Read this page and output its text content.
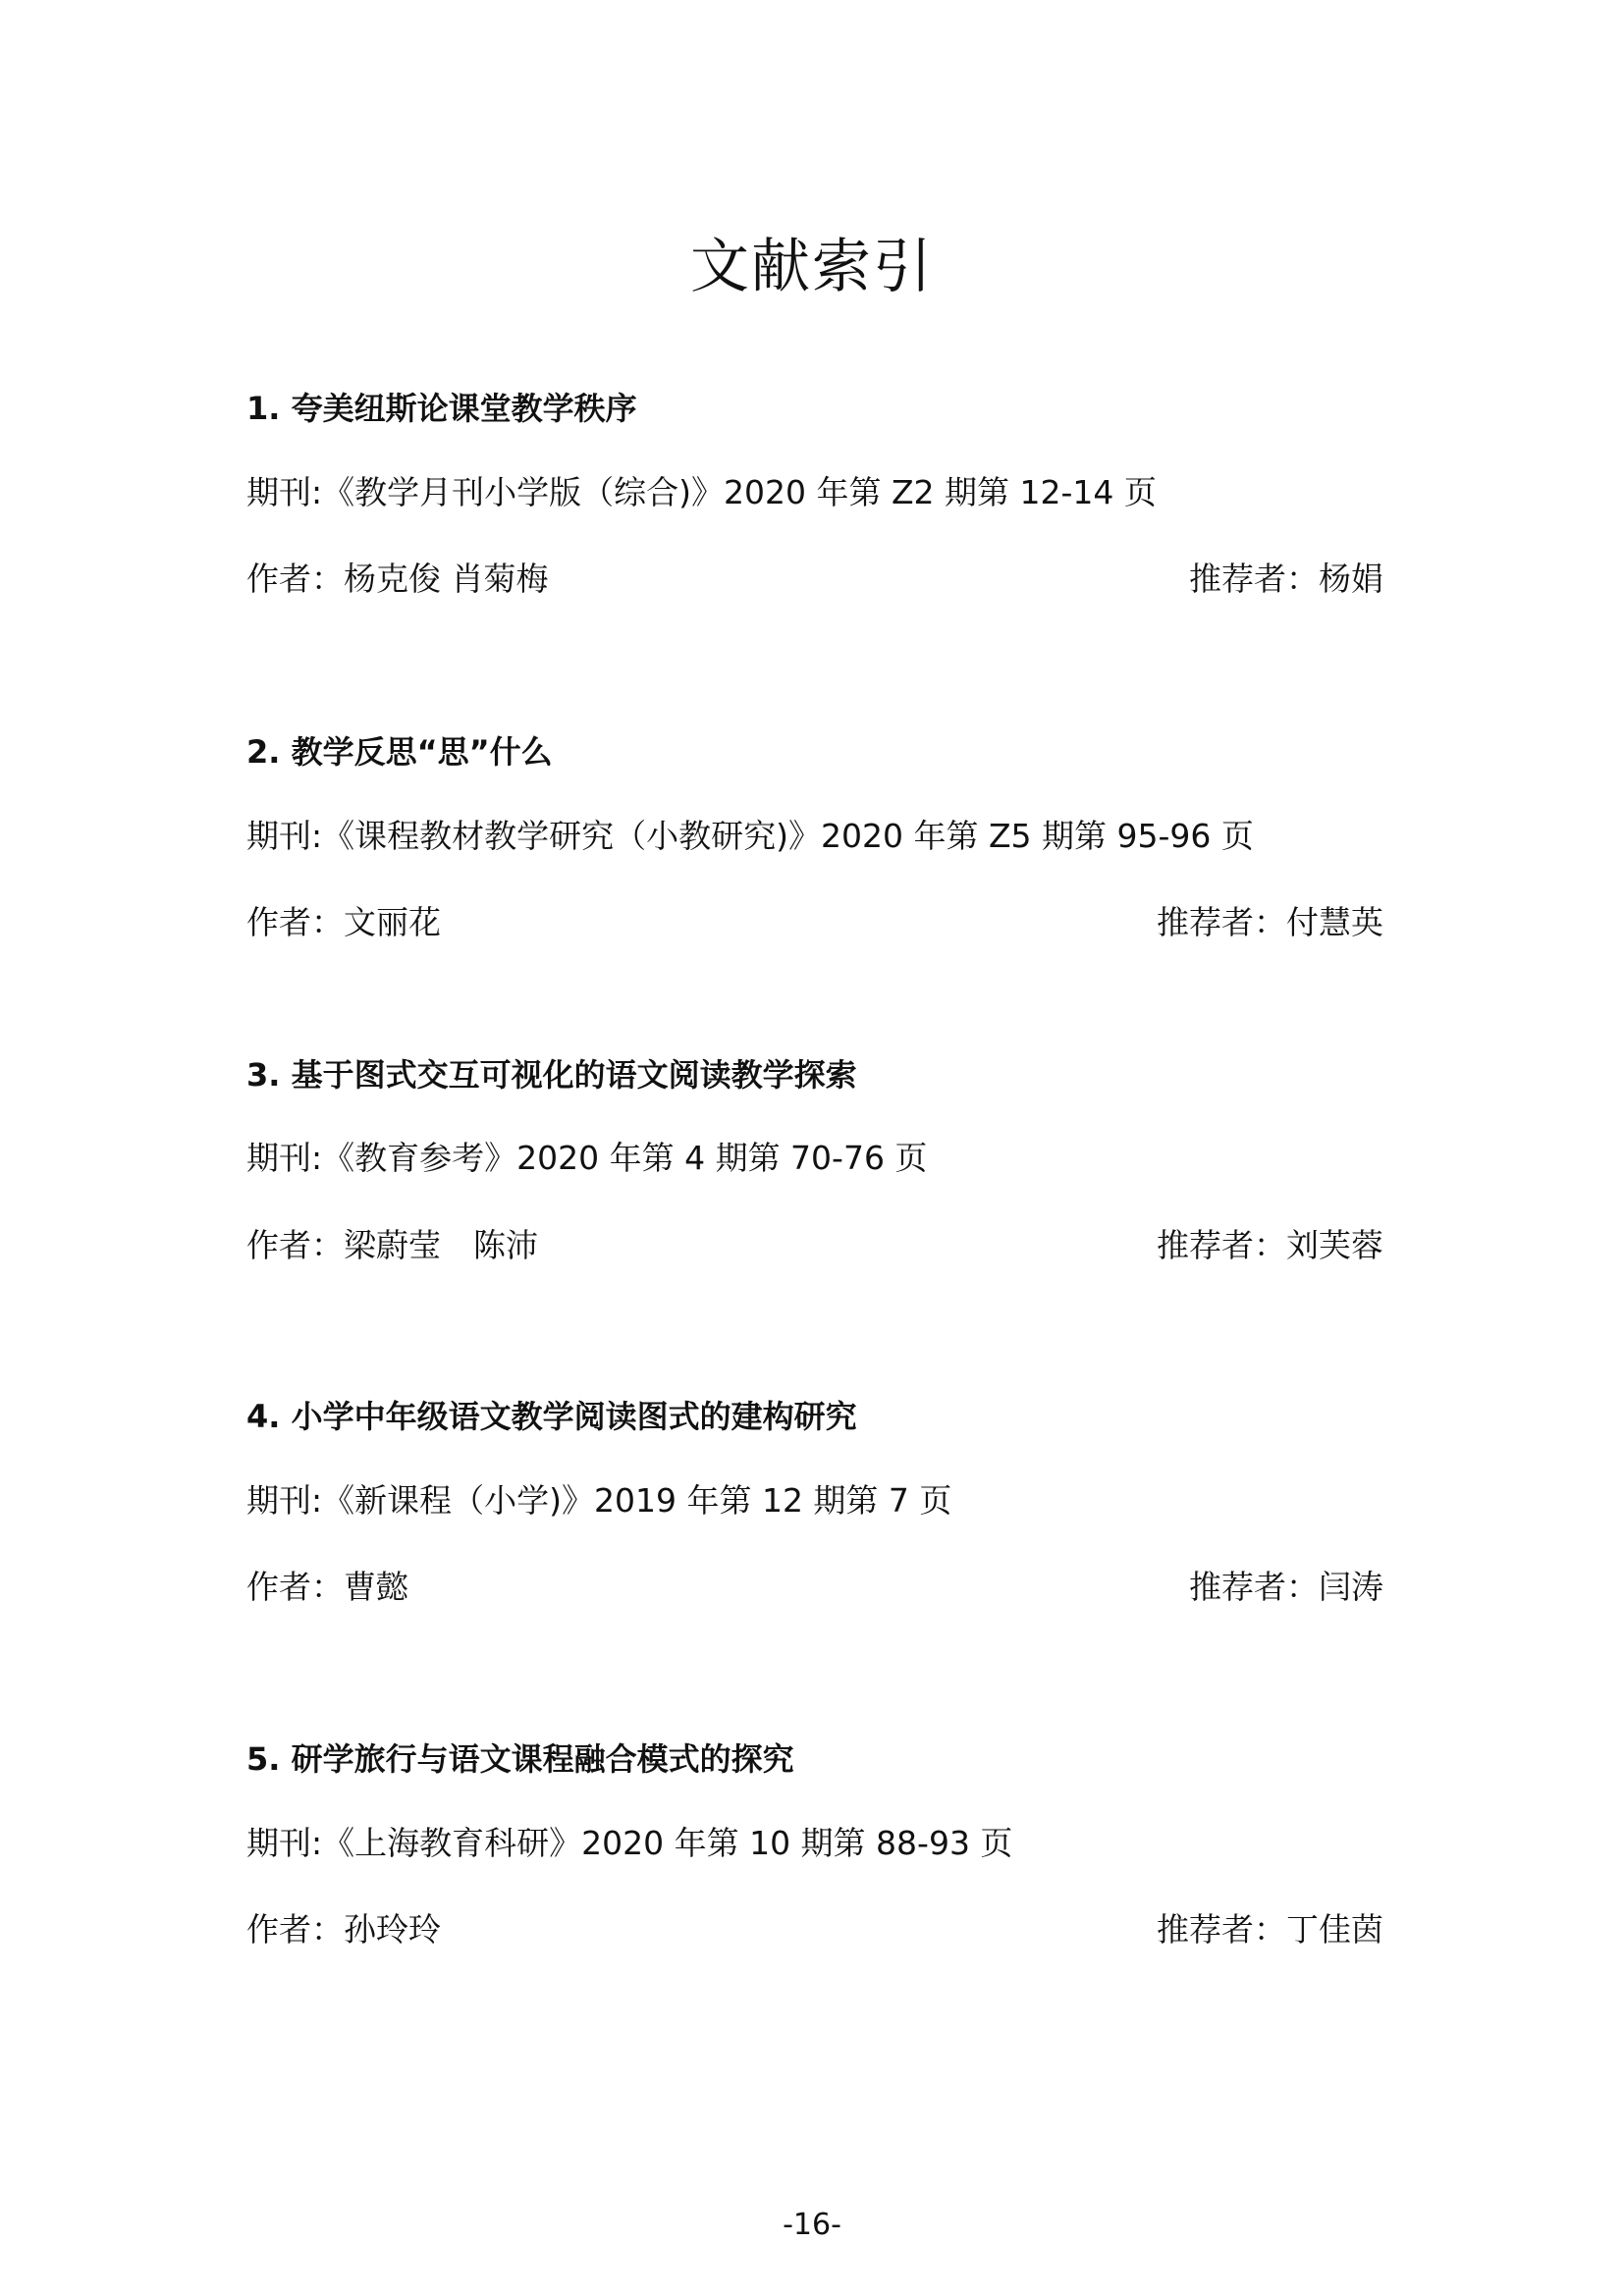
文献索引
1. 夸美纽斯论课堂教学秩序
期刊:《教学月刊小学版（综合)》2020 年第 Z2 期第 12-14 页
作者：杨克俊 肖菊梅	推荐者：杨娟
2. 教学反思“思”什么
期刊:《课程教材教学研究（小教研究)》2020 年第 Z5 期第 95-96 页
作者：文丽花	推荐者：付慧英
3. 基于图式交互可视化的语文阅读教学探索
期刊:《教育参考》2020 年第 4 期第 70-76 页
作者：梁蔚莹　陈沛	推荐者：刘芙蓉
4. 小学中年级语文教学阅读图式的建构研究
期刊:《新课程（小学)》2019 年第 12 期第 7 页
作者：曹懿	推荐者：闫涛
5. 研学旅行与语文课程融合模式的探究
期刊:《上海教育科研》2020 年第 10 期第 88-93 页
作者：孙玲玲	推荐者：丁佳茵
-16-
